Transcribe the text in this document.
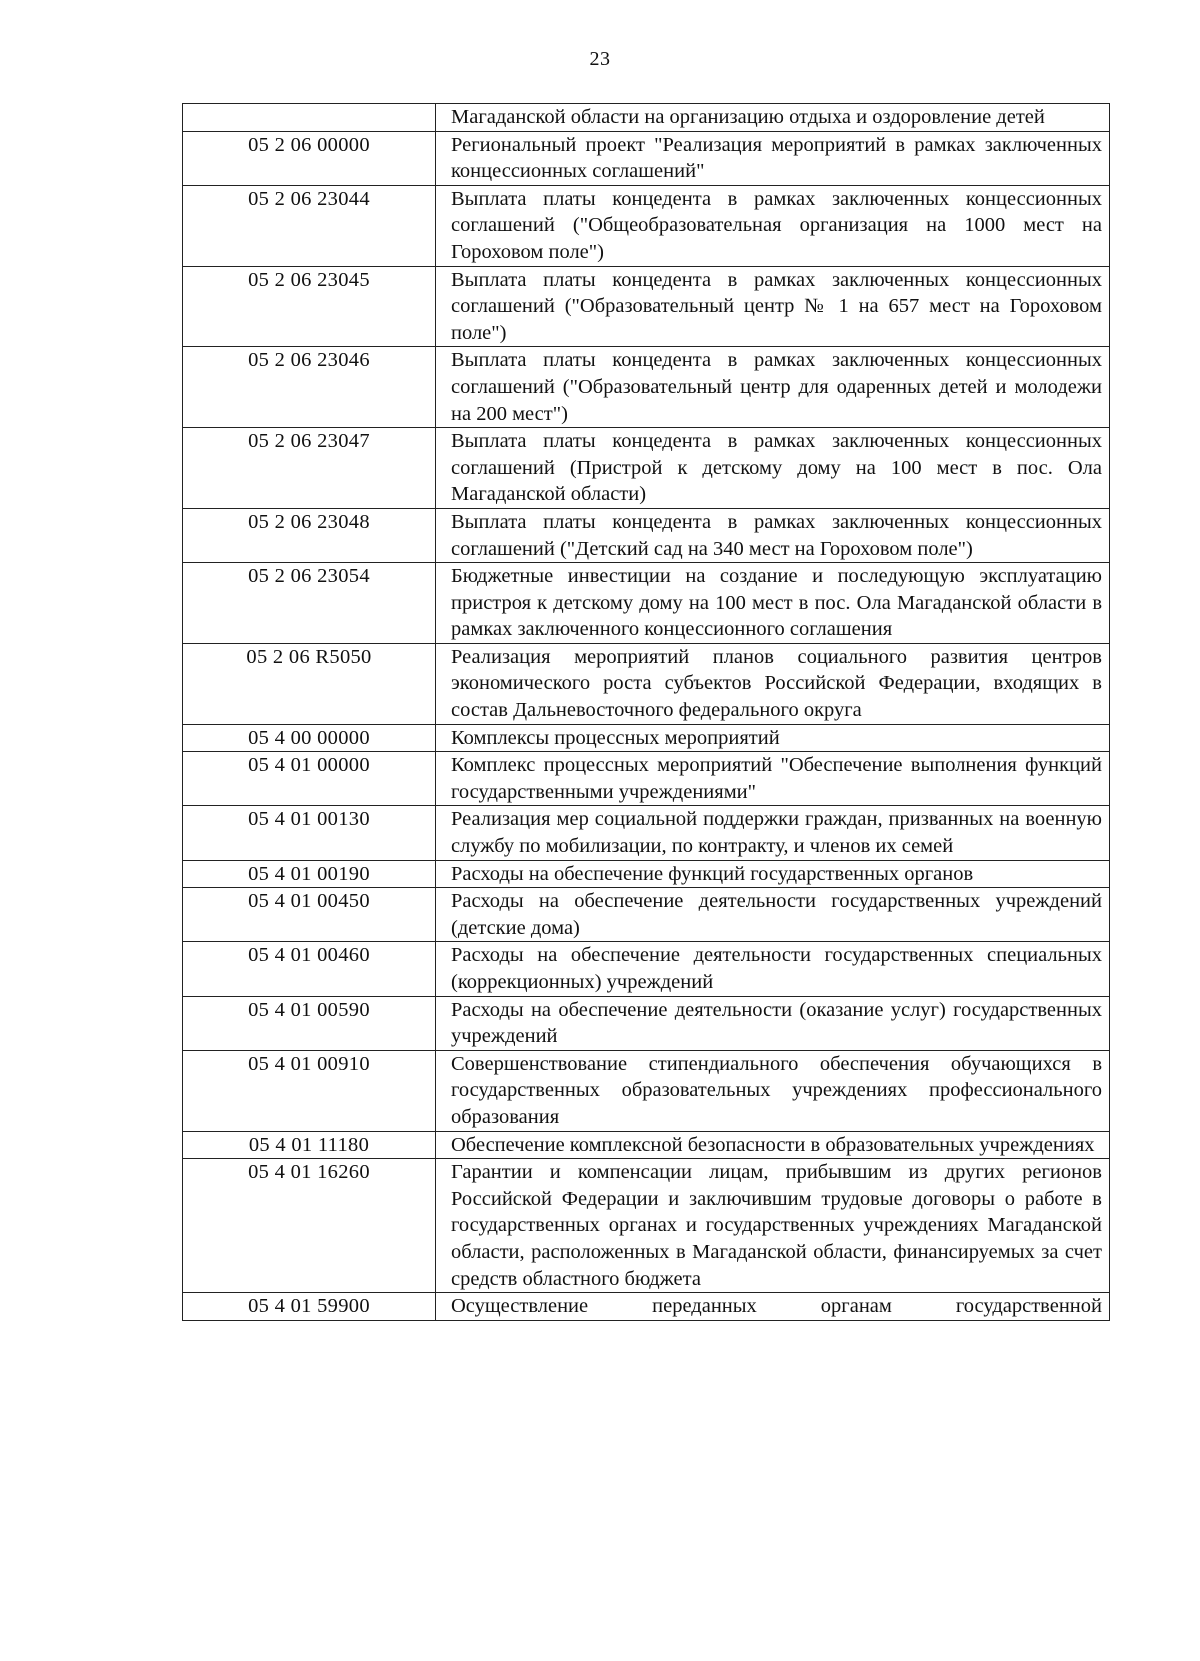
23
	Магаданской области на организацию отдыха и оздоровление детей
05 2 06 00000	Региональный проект "Реализация мероприятий в рамках заключенных концессионных соглашений"
05 2 06 23044	Выплата платы концедента в рамках заключенных концессионных соглашений ("Общеобразовательная организация на 1000 мест на Гороховом поле")
05 2 06 23045	Выплата платы концедента в рамках заключенных концессионных соглашений ("Образовательный центр № 1 на 657 мест на Гороховом поле")
05 2 06 23046	Выплата платы концедента в рамках заключенных концессионных соглашений ("Образовательный центр для одаренных детей и молодежи на 200 мест")
05 2 06 23047	Выплата платы концедента в рамках заключенных концессионных соглашений (Пристрой к детскому дому на 100 мест в пос. Ола Магаданской области)
05 2 06 23048	Выплата платы концедента в рамках заключенных концессионных соглашений ("Детский сад на 340 мест на Гороховом поле")
05 2 06 23054	Бюджетные инвестиции на создание и последующую эксплуатацию пристроя к детскому дому на 100 мест в пос. Ола Магаданской области в рамках заключенного концессионного соглашения
05 2 06 R5050	Реализация мероприятий планов социального развития центров экономического роста субъектов Российской Федерации, входящих в состав Дальневосточного федерального округа
05 4 00 00000	Комплексы процессных мероприятий
05 4 01 00000	Комплекс процессных мероприятий "Обеспечение выполнения функций государственными учреждениями"
05 4 01 00130	Реализация мер социальной поддержки граждан, призванных на военную службу по мобилизации, по контракту, и членов их семей
05 4 01 00190	Расходы на обеспечение функций государственных органов
05 4 01 00450	Расходы на обеспечение деятельности государственных учреждений (детские дома)
05 4 01 00460	Расходы на обеспечение деятельности государственных специальных (коррекционных) учреждений
05 4 01 00590	Расходы на обеспечение деятельности (оказание услуг) государственных учреждений
05 4 01 00910	Совершенствование стипендиального обеспечения обучающихся в государственных образовательных учреждениях профессионального образования
05 4 01 11180	Обеспечение комплексной безопасности в образовательных учреждениях
05 4 01 16260	Гарантии и компенсации лицам, прибывшим из других регионов Российской Федерации и заключившим трудовые договоры о работе в государственных органах и государственных учреждениях Магаданской области, расположенных в Магаданской области, финансируемых за счет средств областного бюджета
05 4 01 59900	Осуществление переданных органам государственной
